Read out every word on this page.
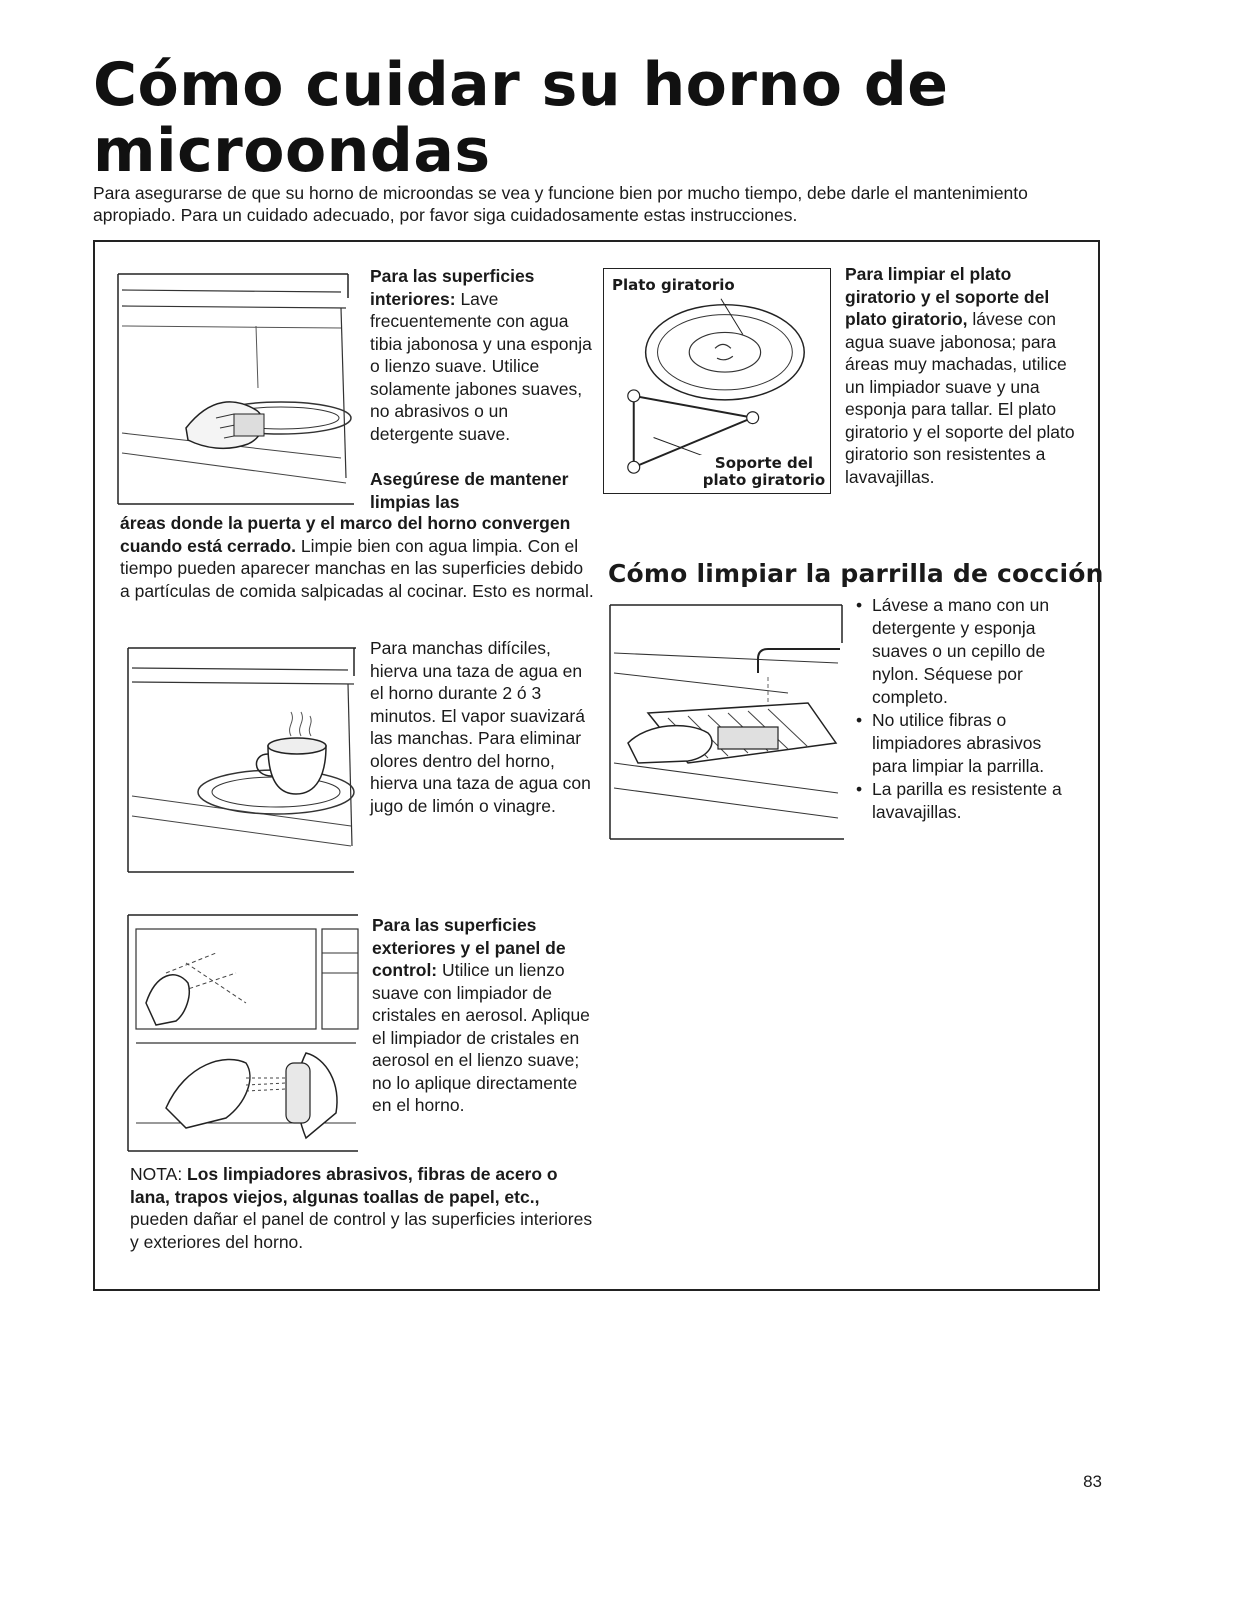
Cómo cuidar su horno de microondas

Para asegurarse de que su horno de microondas se vea y funcione bien por mucho tiempo, debe darle el mantenimiento apropiado. Para un cuidado adecuado, por favor siga cuidadosamente estas instrucciones.

Para las superficies interiores: Lave frecuentemente con agua tibia jabonosa y una esponja o lienzo suave. Utilice solamente jabones suaves, no abrasivos o un detergente suave.

Asegúrese de mantener limpias las

áreas donde la puerta y el marco del horno convergen cuando está cerrado. Limpie bien con agua limpia. Con el tiempo pueden aparecer manchas en las superficies debido a partículas de comida salpicadas al cocinar. Esto es normal.

Para manchas difíciles, hierva una taza de agua en el horno durante 2 ó 3 minutos. El vapor suavizará las manchas. Para eliminar olores dentro del horno, hierva una taza de agua con jugo de limón o vinagre.

Para las superficies exteriores y el panel de control: Utilice un lienzo suave con limpiador de cristales en aerosol. Aplique el limpiador de cristales en aerosol en el lienzo suave; no lo aplique directamente en el horno.

NOTA: Los limpiadores abrasivos, fibras de acero o lana, trapos viejos, algunas toallas de papel, etc., pueden dañar el panel de control y las superficies interiores y exteriores del horno.

Plato giratorio
Soporte del plato giratorio

Para limpiar el plato giratorio y el soporte del plato giratorio, lávese con agua suave jabonosa; para áreas muy machadas, utilice un limpiador suave y una esponja para tallar. El plato giratorio y el soporte del plato giratorio son resistentes a lavavajillas.

Cómo limpiar la parrilla de cocción
• Lávese a mano con un detergente y esponja suaves o un cepillo de nylon. Séquese por completo.
• No utilice fibras o limpiadores abrasivos para limpiar la parrilla.
• La parilla es resistente a lavavajillas.
83
